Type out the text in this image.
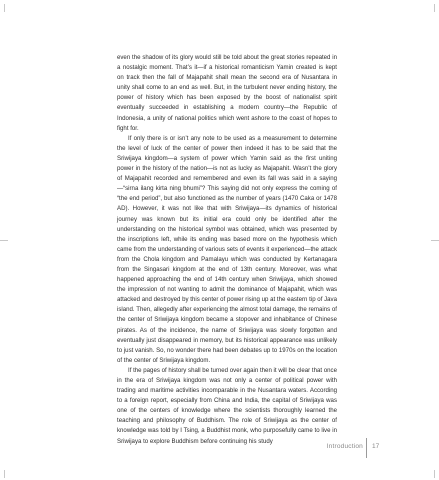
even the shadow of its glory would still be told about the great stories repeated in a nostalgic moment. That’s it—if a historical romanticism Yamin created is kept on track then the fall of Majapahit shall mean the second era of Nusantara in unity shall come to an end as well. But, in the turbulent never ending history, the power of history which has been exposed by the boost of nationalist spirit eventually succeeded in establishing a modern country—the Republic of Indonesia, a unity of national politics which went ashore to the coast of hopes to fight for.

If only there is or isn’t any note to be used as a measurement to determine the level of luck of the center of power then indeed it has to be said that the Sriwijaya kingdom—a system of power which Yamin said as the first uniting power in the history of the nation—is not as lucky as Majapahit. Wasn’t the glory of Majapahit recorded and remembered and even its fall was said in a saying—“sirna ilang kirta ning bhumi”? This saying did not only express the coming of “the end period”, but also functioned as the number of years (1470 Caka or 1478 AD). However, it was not like that with Sriwijaya—its dynamics of historical journey was known but its initial era could only be identified after the understanding on the historical symbol was obtained, which was presented by the inscriptions left, while its ending was based more on the hypothesis which came from the understanding of various sets of events it experienced—the attack from the Chola kingdom and Pamalayu which was conducted by Kertanagara from the Singasari kingdom at the end of 13th century. Moreover, was what happened approaching the end of 14th century when Sriwijaya, which showed the impression of not wanting to admit the dominance of Majapahit, which was attacked and destroyed by this center of power rising up at the eastern tip of Java island. Then, allegedly after experiencing the almost total damage, the remains of the center of Sriwijaya kingdom became a stopover and inhabitance of Chinese pirates. As of the incidence, the name of Sriwijaya was slowly forgotten and eventually just disappeared in memory, but its historical appearance was unlikely to just vanish. So, no wonder there had been debates up to 1970s on the location of the center of Sriwijaya kingdom.

If the pages of history shall be turned over again then it will be clear that once in the era of Sriwijaya kingdom was not only a center of political power with trading and maritime activities incomparable in the Nusantara waters. According to a foreign report, especially from China and India, the capital of Sriwijaya was one of the centers of knowledge where the scientists thoroughly learned the teaching and philosophy of Buddhism. The role of Sriwijaya as the center of knowledge was told by I Tsing, a Buddhist monk, who purposefully came to live in Sriwijaya to explore Buddhism before continuing his study

Introduction 17
